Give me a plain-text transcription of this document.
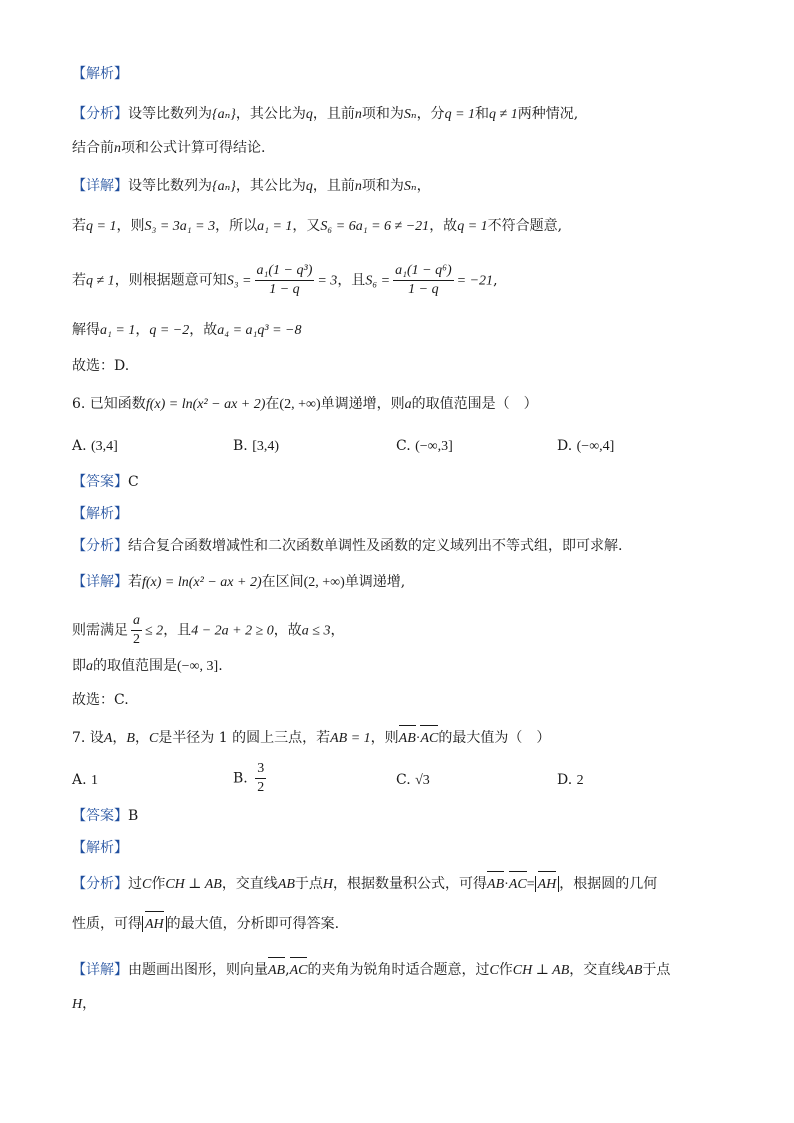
【解析】
【分析】设等比数列为{aₙ}，其公比为q，且前n项和为Sₙ，分q = 1和q ≠ 1两种情况,
结合前n项和公式计算可得结论.
【详解】设等比数列为{aₙ}，其公比为q，且前n项和为Sₙ，
若q = 1，则S₃ = 3a₁ = 3，所以a₁ = 1，又S₆ = 6a₁ = 6 ≠ −21，故q = 1不符合题意,
若q ≠ 1，则根据题意可知$S_3 = \frac{\text{a₁(1 − q³)}}{1 - q} = 3$，且$S_6 = \frac{\text{a₁(1 − q⁶)}}{1 - q} = -21$,
解得a₁ = 1，q = −2，故a₄ = a₁q³ = −8
故选：D.
6. 已知函数f(x) = ln(x² − ax + 2)在(2, +∞)单调递增，则a的取值范围是（　）
A. (3,4]	B. [3,4)	C. (−∞,3]	D. (−∞,4]
【答案】C
【解析】
【分析】结合复合函数增减性和二次函数单调性及函数的定义域列出不等式组，即可求解.
【详解】若f(x) = ln(x² − ax + 2)在区间(2, +∞)单调递增,
则需满足 $\frac{a}{2} \le 2$，且4 − 2a + 2 ≥ 0，故a ≤ 3，
即a的取值范围是(−∞, 3].
故选：C.
7. 设A，B，C是半径为 1 的圆上三点，若AB = 1，则AB·AC的最大值为（　）
A. 1	B. $\frac{3}{2}$	C. √3	D. 2
【答案】B
【解析】
【分析】过C作CH ⊥ AB，交直线AB于点H，根据数量积公式，可得AB·AC= AH ，根据圆的几何
性质，可得 AH 的最大值，分析即可得答案.
【详解】由题画出图形，则向量AB,AC的夹角为锐角时适合题意，过C作CH ⊥ AB，交直线AB于点
H，
